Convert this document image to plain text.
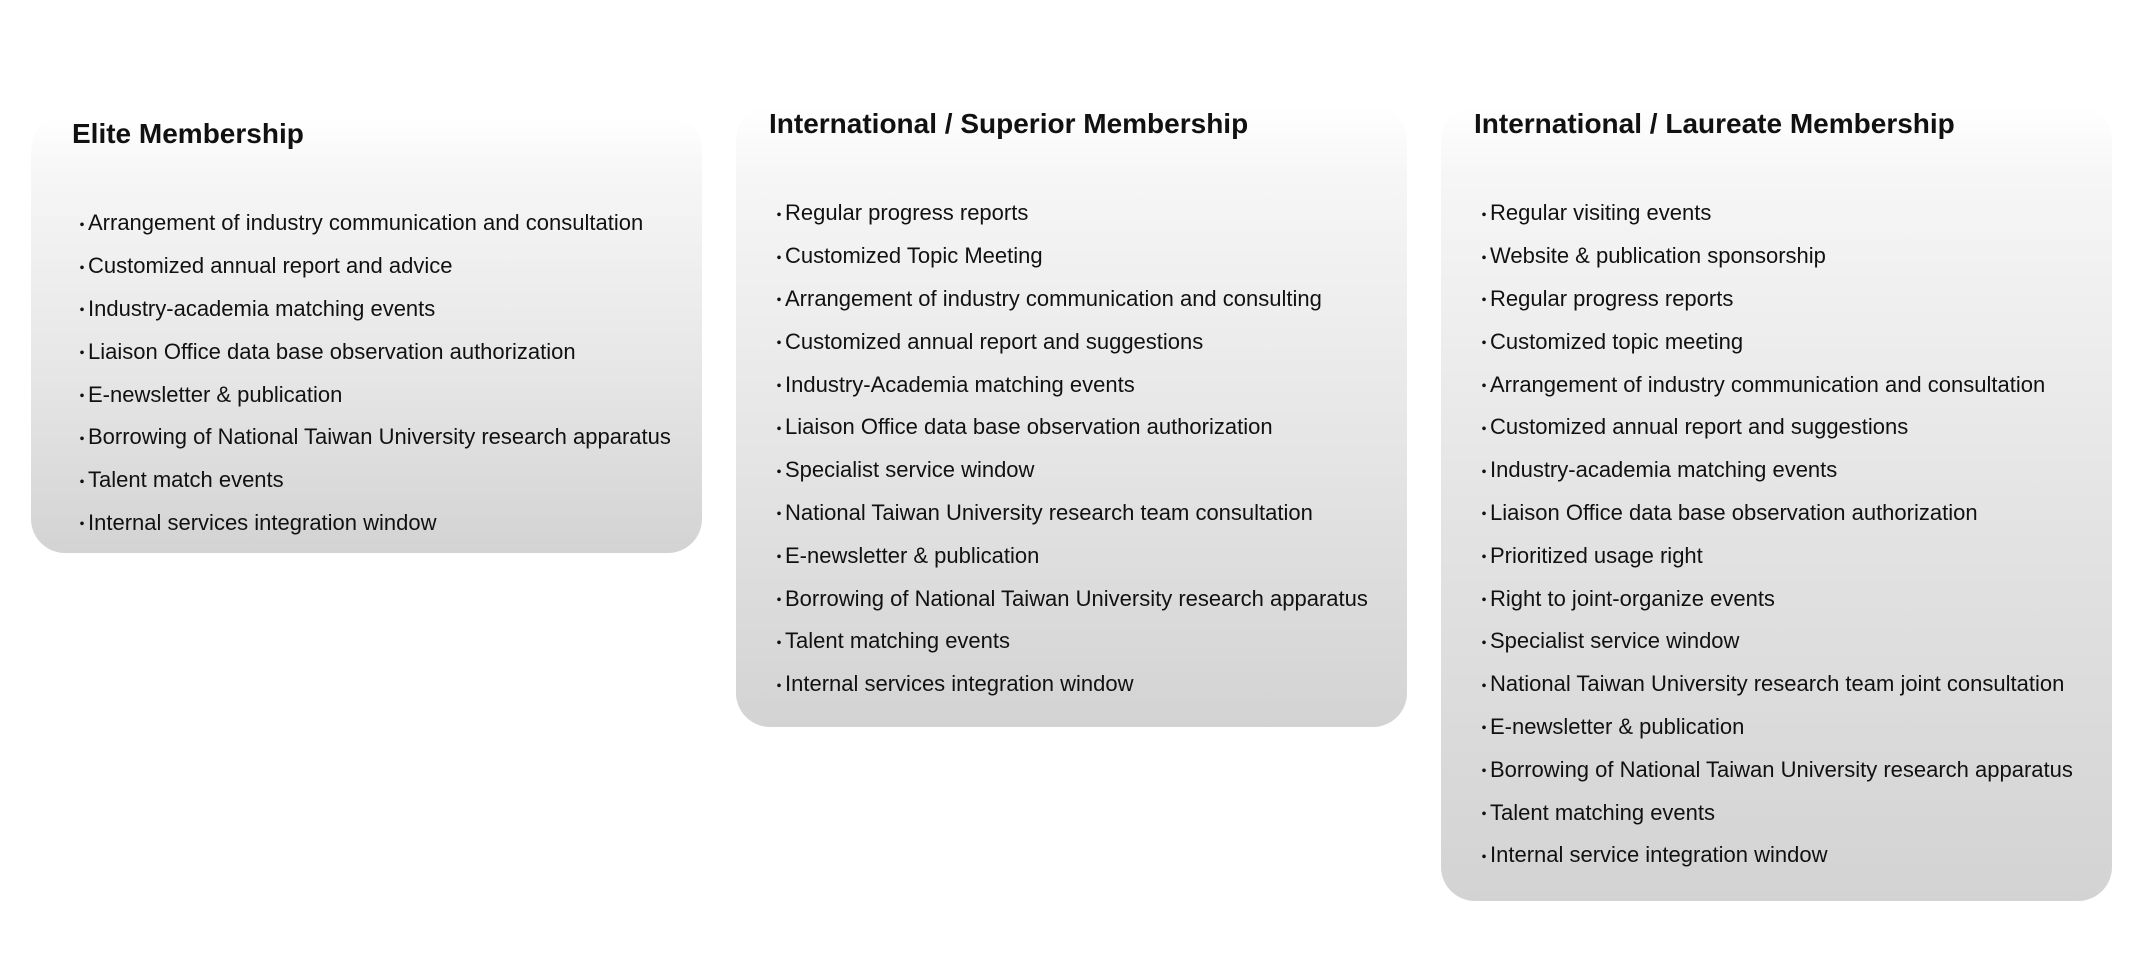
Elite Membership
・
Arrangement of industry communication and consultation
・
Customized annual report and advice
・
Industry-academia matching events
・
Liaison Office data base observation authorization
・
E-newsletter & publication
・
Borrowing of National Taiwan University research apparatus
・
Talent match events
・
Internal services integration window
International / Superior Membership
・
Regular progress reports
・
Customized Topic Meeting
・
Arrangement of industry communication and consulting
・
Customized annual report and suggestions
・
Industry-Academia matching events
・
Liaison Office data base observation authorization
・
Specialist service window
・
National Taiwan University research team consultation
・
E-newsletter & publication
・
Borrowing of National Taiwan University research apparatus
・
Talent matching events
・
Internal services integration window
International / Laureate Membership
・
Regular visiting events
・
Website & publication sponsorship
・
Regular progress reports
・
Customized topic meeting
・
Arrangement of industry communication and consultation
・
Customized annual report and suggestions
・
Industry-academia matching events
・
Liaison Office data base observation authorization
・
Prioritized usage right
・
Right to joint-organize events
・
Specialist service window
・
National Taiwan University research team joint consultation
・
E-newsletter & publication
・
Borrowing of National Taiwan University research apparatus
・
Talent matching events
・
Internal service integration window
